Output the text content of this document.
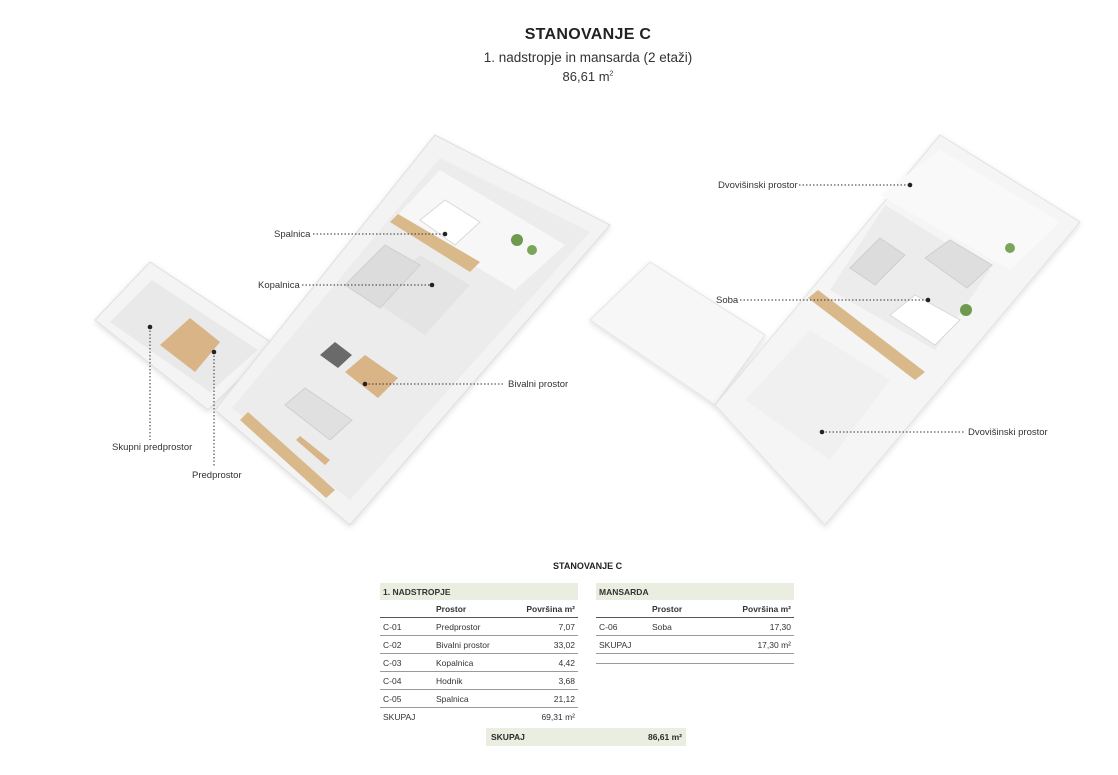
STANOVANJE C
1. nadstropje in mansarda (2 etaži)
86,61 $m^2$
Spalnica
Kopalnica
Bivalni prostor
Skupni predprostor
Predprostor
Dvovišinski prostor
Soba
Dvovišinski prostor
STANOVANJE C
1. NADSTROPJE		
	Prostor	Površina m²
C-01	Predprostor	7,07
C-02	Bivalni prostor	33,02
C-03	Kopalnica	4,42
C-04	Hodnik	3,68
C-05	Spalnica	21,12
SKUPAJ		69,31 m²
MANSARDA		
	Prostor	Površina m²
C-06	Soba	17,30
SKUPAJ		17,30 m²

SKUPAJ	86,61 m²
